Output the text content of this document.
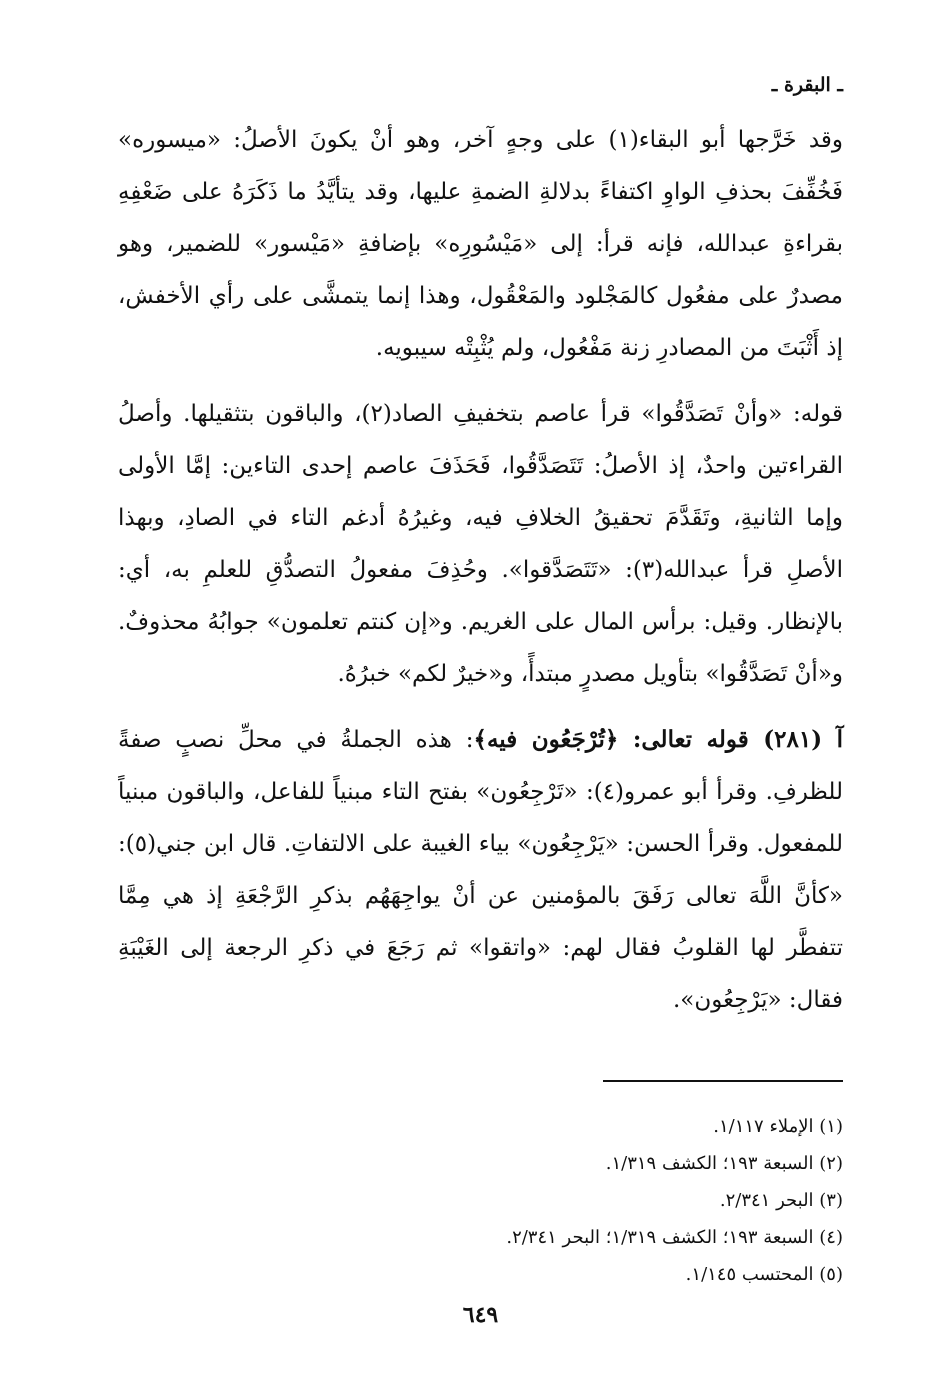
ـ البقرة ـ

وقد خَرَّجها أبو البقاء(١) على وجهٍ آخر، وهو أنْ يكونَ الأصلُ: «ميسوره» فَخُفِّفَ بحذفِ الواوِ اكتفاءً بدلالةِ الضمةِ عليها، وقد يتأيَّدُ ما ذَكَرَهُ على ضَعْفِهِ بقراءةِ عبدالله، فإنه قرأ: إلى «مَيْسُورِه» بإضافةِ «مَيْسور» للضمير، وهو مصدرٌ على مفعُول كالمَجْلود والمَعْقُول، وهذا إنما يتمشَّى على رأي الأخفش، إذ أَثْبَتَ من المصادرِ زنة مَفْعُول، ولم يُثْبِتْه سيبويه.

قوله: «وأنْ تَصَدَّقُوا» قرأ عاصم بتخفيفِ الصاد(٢)، والباقون بتثقيلها. وأصلُ القراءتين واحدٌ، إذ الأصلُ: تَتَصَدَّقُوا، فَحَذَفَ عاصم إحدى التاءين: إمَّا الأولى وإما الثانيةِ، وتَقَدَّمَ تحقيقُ الخلافِ فيه، وغيرُهُ أدغم التاء في الصادِ، وبهذا الأصلِ قرأ عبدالله(٣): «تَتَصَدَّقوا». وحُذِفَ مفعولُ التصدُّقِ للعلمِ به، أي: بالإنظار. وقيل: برأس المال على الغريم. و«إن كنتم تعلمون» جوابُهُ محذوفٌ. و«أنْ تَصَدَّقُوا» بتأويل مصدرٍ مبتدأً، و«خيرٌ لكم» خبرُهُ.

آ (٢٨١) قوله تعالى: ﴿تُرْجَعُون فيه﴾: هذه الجملةُ في محلِّ نصبٍ صفةً للظرفِ. وقرأ أبو عمرو(٤): «تَرْجِعُون» بفتح التاء مبنياً للفاعل، والباقون مبنياً للمفعول. وقرأ الحسن: «يَرْجِعُون» بياء الغيبة على الالتفاتِ. قال ابن جني(٥): «كأنَّ اللَّهَ تعالى رَفَقَ بالمؤمنين عن أنْ يواجِهَهُم بذكرِ الرَّجْعَةِ إذ هي مِمَّا تتفطَّر لها القلوبُ فقال لهم: «واتقوا» ثم رَجَعَ في ذكرِ الرجعة إلى الغَيْبَةِ فقال: «يَرْجِعُون».

(١) الإملاء ١/١١٧.
(٢) السبعة ١٩٣؛ الكشف ١/٣١٩.
(٣) البحر ٢/٣٤١.
(٤) السبعة ١٩٣؛ الكشف ١/٣١٩؛ البحر ٢/٣٤١.
(٥) المحتسب ١/١٤٥.
٦٤٩
